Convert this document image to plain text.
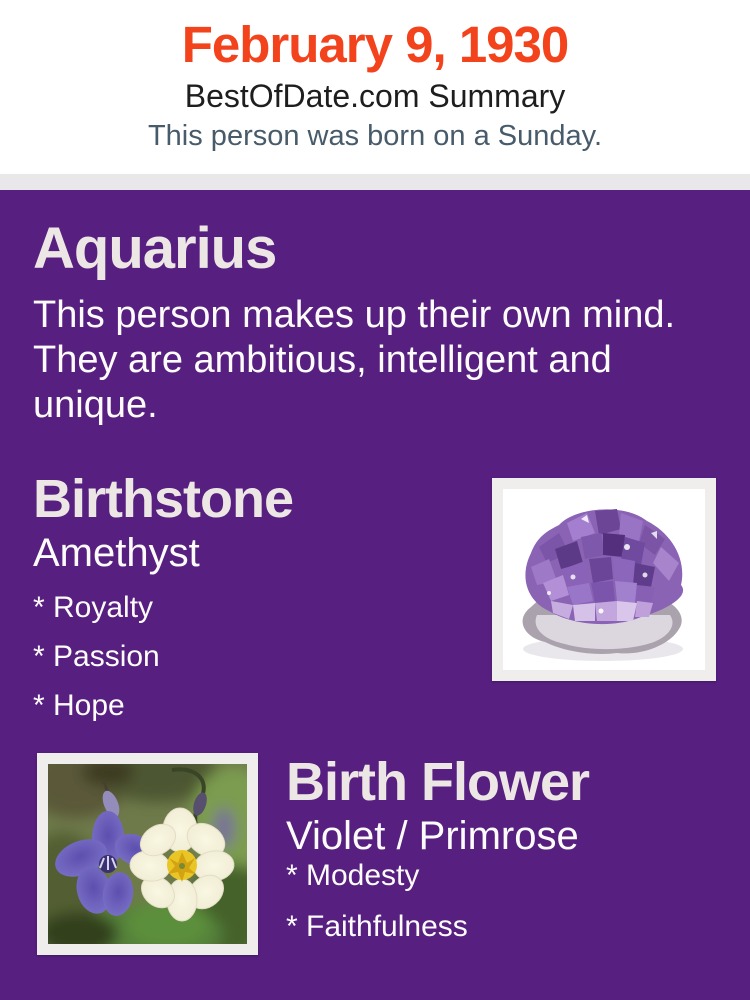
February 9, 1930
BestOfDate.com Summary
This person was born on a Sunday.
Aquarius
This person makes up their own mind. They are ambitious, intelligent and unique.
Birthstone
Amethyst
* Royalty
* Passion
* Hope
Birth Flower
Violet / Primrose
* Modesty
* Faithfulness
